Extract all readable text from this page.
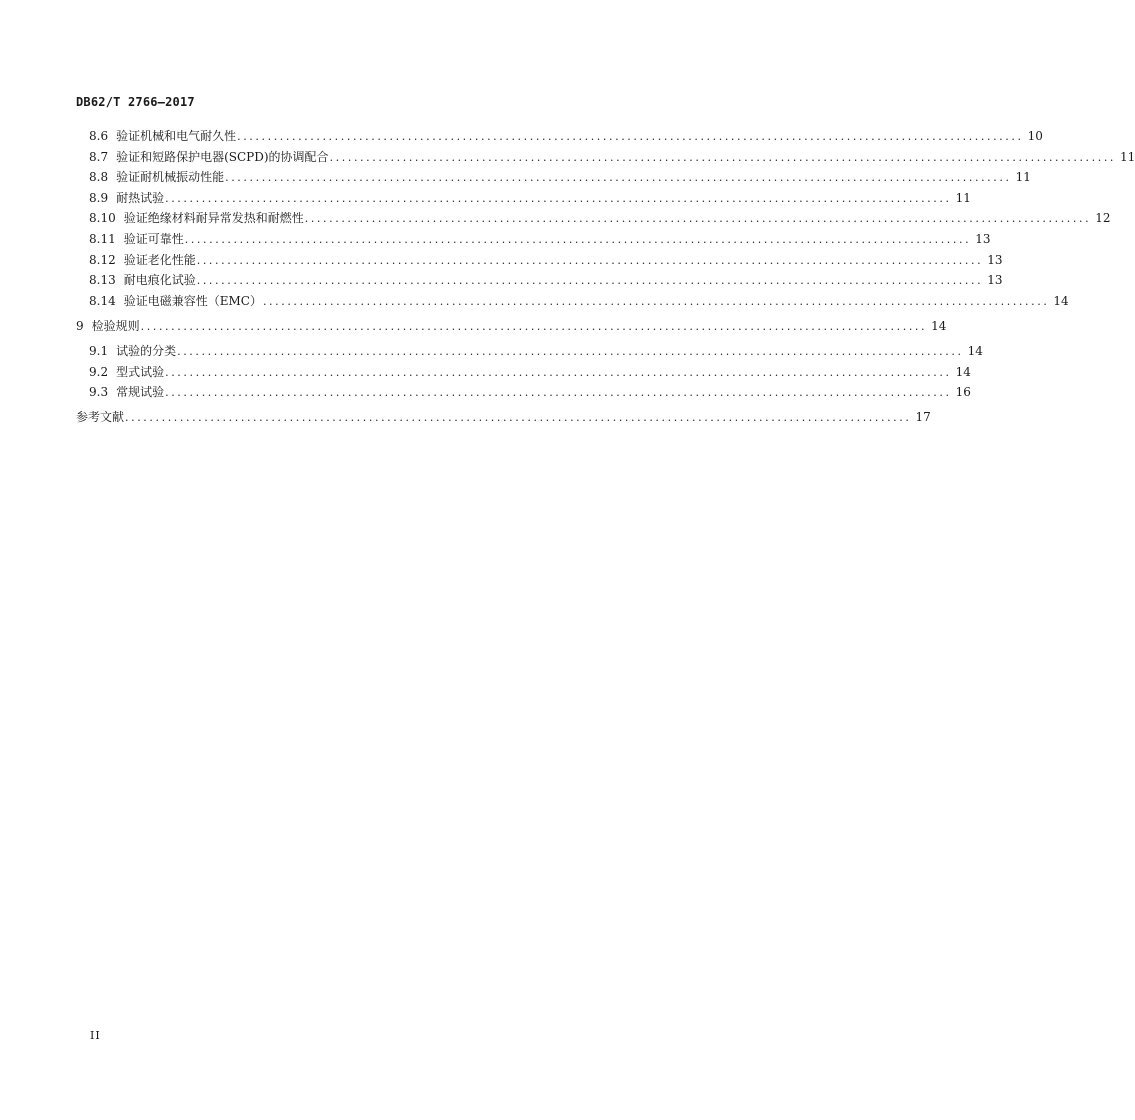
DB62/T 2766—2017
8.6 验证机械和电气耐久性 ................................................................................................................................. 10
8.7 验证和短路保护电器(SCPD)的协调配合 ................................................................................................................................. 11
8.8 验证耐机械振动性能 ................................................................................................................................. 11
8.9 耐热试验 ................................................................................................................................. 11
8.10 验证绝缘材料耐异常发热和耐燃性 ................................................................................................................................. 12
8.11 验证可靠性 ................................................................................................................................. 13
8.12 验证老化性能 ................................................................................................................................. 13
8.13 耐电痕化试验 ................................................................................................................................. 13
8.14 验证电磁兼容性（EMC） ................................................................................................................................. 14
9 检验规则 ................................................................................................................................. 14
9.1 试验的分类 ................................................................................................................................. 14
9.2 型式试验 ................................................................................................................................. 14
9.3 常规试验 ................................................................................................................................. 16
参考文献 ................................................................................................................................. 17
II
